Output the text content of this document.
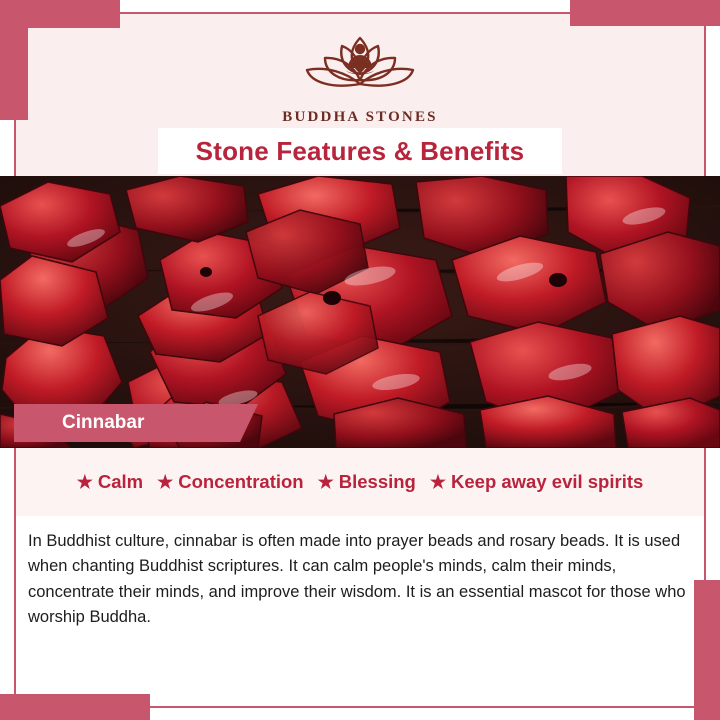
BUDDHA STONES
Stone Features & Benefits
Cinnabar
★ Calm ★ Concentration ★ Blessing ★ Keep away evil spirits

In Buddhist culture, cinnabar is often made into prayer beads and rosary beads. It is used when chanting Buddhist scriptures. It can calm people's minds, calm their minds, concentrate their minds, and improve their wisdom. It is an essential mascot for those who worship Buddha.
